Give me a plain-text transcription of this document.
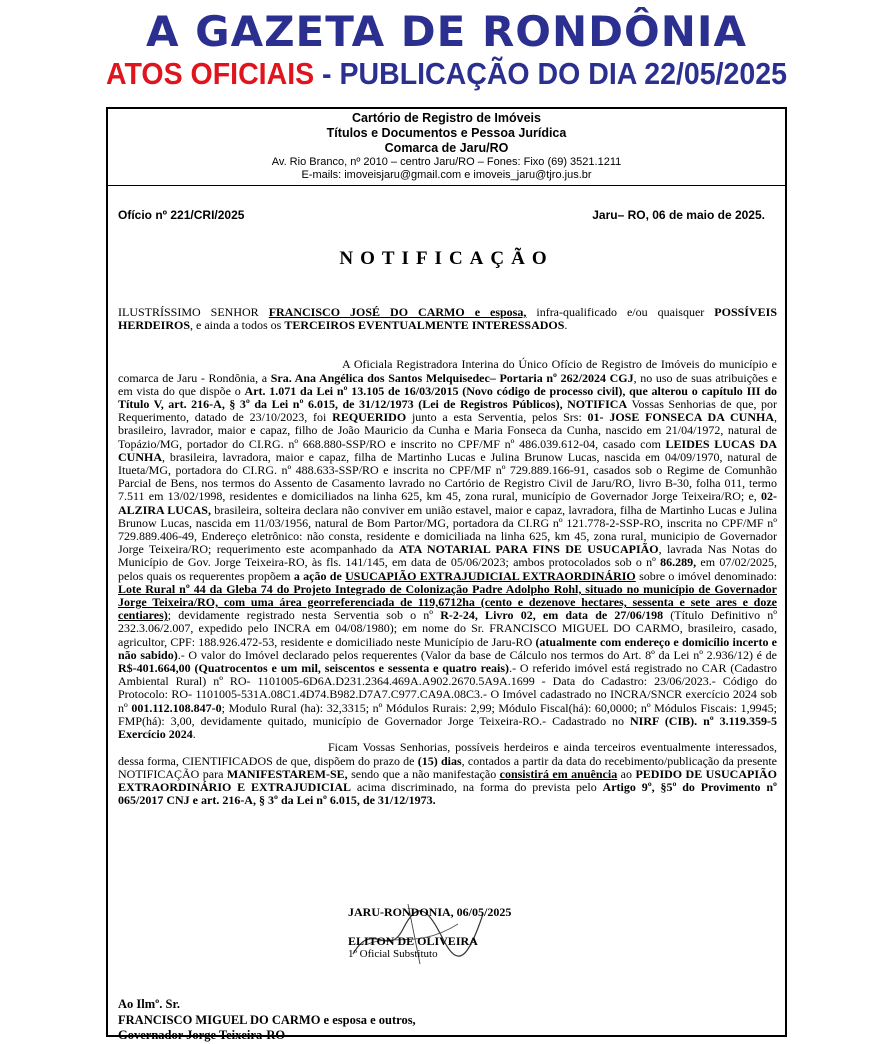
A GAZETA DE RONDÔNIA
ATOS OFICIAIS - PUBLICAÇÃO DO DIA 22/05/2025
Cartório de Registro de Imóveis
Títulos e Documentos e Pessoa Jurídica
Comarca de Jaru/RO
Av. Rio Branco, nº 2010 – centro Jaru/RO – Fones: Fixo (69) 3521.1211
E-mails: imoveisjaru@gmail.com e imoveis_jaru@tjro.jus.br
Ofício nº 221/CRI/2025	Jaru– RO, 06 de maio de 2025.
NOTIFICAÇÃO
ILUSTRÍSSIMO SENHOR FRANCISCO JOSÉ DO CARMO e esposa, infra-qualificado e/ou quaisquer POSSÍVEIS HERDEIROS, e ainda a todos os TERCEIROS EVENTUALMENTE INTERESSADOS.
A Oficiala Registradora Interina do Único Ofício de Registro de Imóveis do município e comarca de Jaru - Rondônia, a Sra. Ana Angélica dos Santos Melquisedec– Portaria nº 262/2024 CGJ, no uso de suas atribuições e em vista do que dispõe o Art. 1.071 da Lei nº 13.105 de 16/03/2015 (Novo código de processo civil), que alterou o capítulo III do Título V, art. 216-A, § 3º da Lei nº 6.015, de 31/12/1973 (Lei de Registros Públicos), NOTIFICA Vossas Senhorias de que, por Requerimento, datado de 23/10/2023, foi REQUERIDO junto a esta Serventia, pelos Srs: 01- JOSE FONSECA DA CUNHA, brasileiro, lavrador, maior e capaz, filho de João Mauricio da Cunha e Maria Fonseca da Cunha, nascido em 21/04/1972, natural de Topázio/MG, portador do CI.RG. nº 668.880-SSP/RO e inscrito no CPF/MF nº 486.039.612-04, casado com LEIDES LUCAS DA CUNHA, brasileira, lavradora, maior e capaz, filha de Martinho Lucas e Julina Brunow Lucas, nascida em 04/09/1970, natural de Ituetа/MG, portadora do CI.RG. nº 488.633-SSP/RO e inscrita no CPF/MF nº 729.889.166-91, casados sob o Regime de Comunhão Parcial de Bens, nos termos do Assento de Casamento lavrado no Cartório de Registro Civil de Jaru/RO, livro B-30, folha 011, termo 7.511 em 13/02/1998, residentes e domiciliados na linha 625, km 45, zona rural, município de Governador Jorge Teixeira/RO; e, 02-ALZIRA LUCAS, brasileira, solteira declara não conviver em união estavel, maior e capaz, lavradora, filha de Martinho Lucas e Julina Brunow Lucas, nascida em 11/03/1956, natural de Bom Partor/MG, portadora da CI.RG nº 121.778-2-SSP-RO, inscrita no CPF/MF nº 729.889.406-49, Endereço eletrônico: não consta, residente e domiciliada na linha 625, km 45, zona rural, municipio de Governador Jorge Teixeira/RO; requerimento este acompanhado da ATA NOTARIAL PARA FINS DE USUCAPIÃO, lavrada Nas Notas do Município de Gov. Jorge Teixeira-RO, às fls. 141/145, em data de 05/06/2023; ambos protocolados sob o nº 86.289, em 07/02/2025, pelos quais os requerentes propõem a ação de USUCAPIÃO EXTRAJUDICIAL EXTRAORDINÁRIO sobre o imóvel denominado: Lote Rural nº 44 da Gleba 74 do Projeto Integrado de Colonização Padre Adolpho Rohl, situado no município de Governador Jorge Teixeira/RO, com uma área georreferenciada de 119,6712ha (cento e dezenove hectares, sessenta e sete ares e doze centiares); devidamente registrado nesta Serventia sob o nº R-2-24, Livro 02, em data de 27/06/198 (Título Definitivo nº 232.3.06/2.007, expedido pelo INCRA em 04/08/1980); em nome do Sr. FRANCISCO MIGUEL DO CARMO, brasileiro, casado, agricultor, CPF: 188.926.472-53, residente e domiciliado neste Município de Jaru-RO (atualmente com endereço e domicílio incerto e não sabido).- O valor do Imóvel declarado pelos requerentes (Valor da base de Cálculo nos termos do Art. 8º da Lei nº 2.936/12) é de R$-401.664,00 (Quatrocentos e um mil, seiscentos e sessenta e quatro reais).- O referido imóvel está registrado no CAR (Cadastro Ambiental Rural) nº RO- 1101005-6D6A.D231.2364.469A.A902.2670.5A9A.1699 - Data do Cadastro: 23/06/2023.- Código do Protocolo: RO- 1101005-531A.08C1.4D74.B982.D7A7.C977.CA9A.08C3.- O Imóvel cadastrado no INCRA/SNCR exercício 2024 sob nº 001.112.108.847-0; Modulo Rural (ha): 32,3315; nº Módulos Rurais: 2,99; Módulo Fiscal(há): 60,0000; nº Módulos Fiscais: 1,9945; FMP(há): 3,00, devidamente quitado, município de Governador Jorge Teixeira-RO.- Cadastrado no NIRF (CIB). nº 3.119.359-5 Exercício 2024.
Ficam Vossas Senhorias, possíveis herdeiros e ainda terceiros eventualmente interessados, dessa forma, CIENTIFICADOS de que, dispõem do prazo de (15) dias, contados a partir da data do recebimento/publicação da presente NOTIFICAÇÃO para MANIFESTAREM-SE, sendo que a não manifestação consistirá em anuência ao PEDIDO DE USUCAPIÃO EXTRAORDINÁRIO E EXTRAJUDICIAL acima discriminado, na forma do prevista pelo Artigo 9º, §5º do Provimento nº 065/2017 CNJ e art. 216-A, § 3º da Lei nº 6.015, de 31/12/1973.
JARU-RONDONIA, 06/05/2025
ELITON DE OLIVEIRA
1º Oficial Substituto
Ao Ilmº. Sr.
FRANCISCO MIGUEL DO CARMO e esposa e outros,
Governador Jorge Teixeira-RO
